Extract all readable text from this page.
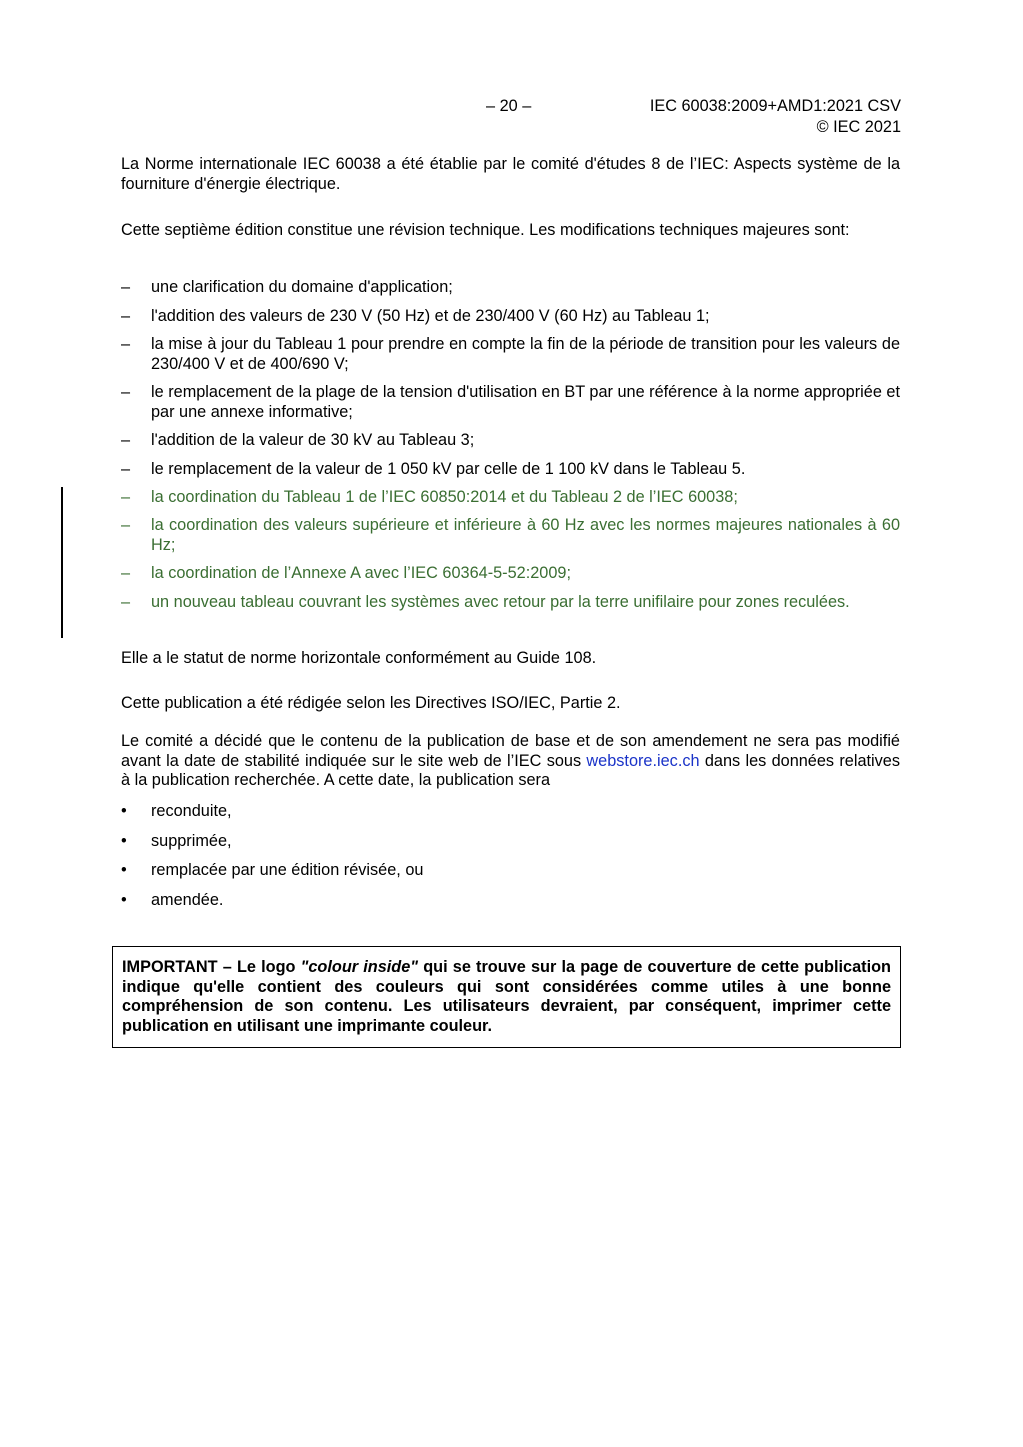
– 20 –	IEC 60038:2009+AMD1:2021 CSV
© IEC 2021

La Norme internationale IEC 60038 a été établie par le comité d'études 8 de l’IEC: Aspects système de la fourniture d'énergie électrique.

Cette septième édition constitue une révision technique. Les modifications techniques majeures sont:

–	une clarification du domaine d'application;
–	l'addition des valeurs de 230 V (50 Hz) et de 230/400 V (60 Hz) au Tableau 1;
–	la mise à jour du Tableau 1 pour prendre en compte la fin de la période de transition pour les valeurs de 230/400 V et de 400/690 V;
–	le remplacement de la plage de la tension d'utilisation en BT par une référence à la norme appropriée et par une annexe informative;
–	l'addition de la valeur de 30 kV au Tableau 3;
–	le remplacement de la valeur de 1 050 kV par celle de 1 100 kV dans le Tableau 5.
–	la coordination du Tableau 1 de l’IEC 60850:2014 et du Tableau 2 de l’IEC 60038;
–	la coordination des valeurs supérieure et inférieure à 60 Hz avec les normes majeures nationales à 60 Hz;
–	la coordination de l’Annexe A avec l’IEC 60364-5-52:2009;
–	un nouveau tableau couvrant les systèmes avec retour par la terre unifilaire pour zones reculées.

Elle a le statut de norme horizontale conformément au Guide 108.

Cette publication a été rédigée selon les Directives ISO/IEC, Partie 2.

Le comité a décidé que le contenu de la publication de base et de son amendement ne sera pas modifié avant la date de stabilité indiquée sur le site web de l’IEC sous webstore.iec.ch dans les données relatives à la publication recherchée. A cette date, la publication sera

•	reconduite,
•	supprimée,
•	remplacée par une édition révisée, ou
•	amendée.
IMPORTANT – Le logo "colour inside" qui se trouve sur la page de couverture de cette publication indique qu'elle contient des couleurs qui sont considérées comme utiles à une bonne compréhension de son contenu. Les utilisateurs devraient, par conséquent, imprimer cette publication en utilisant une imprimante couleur.
